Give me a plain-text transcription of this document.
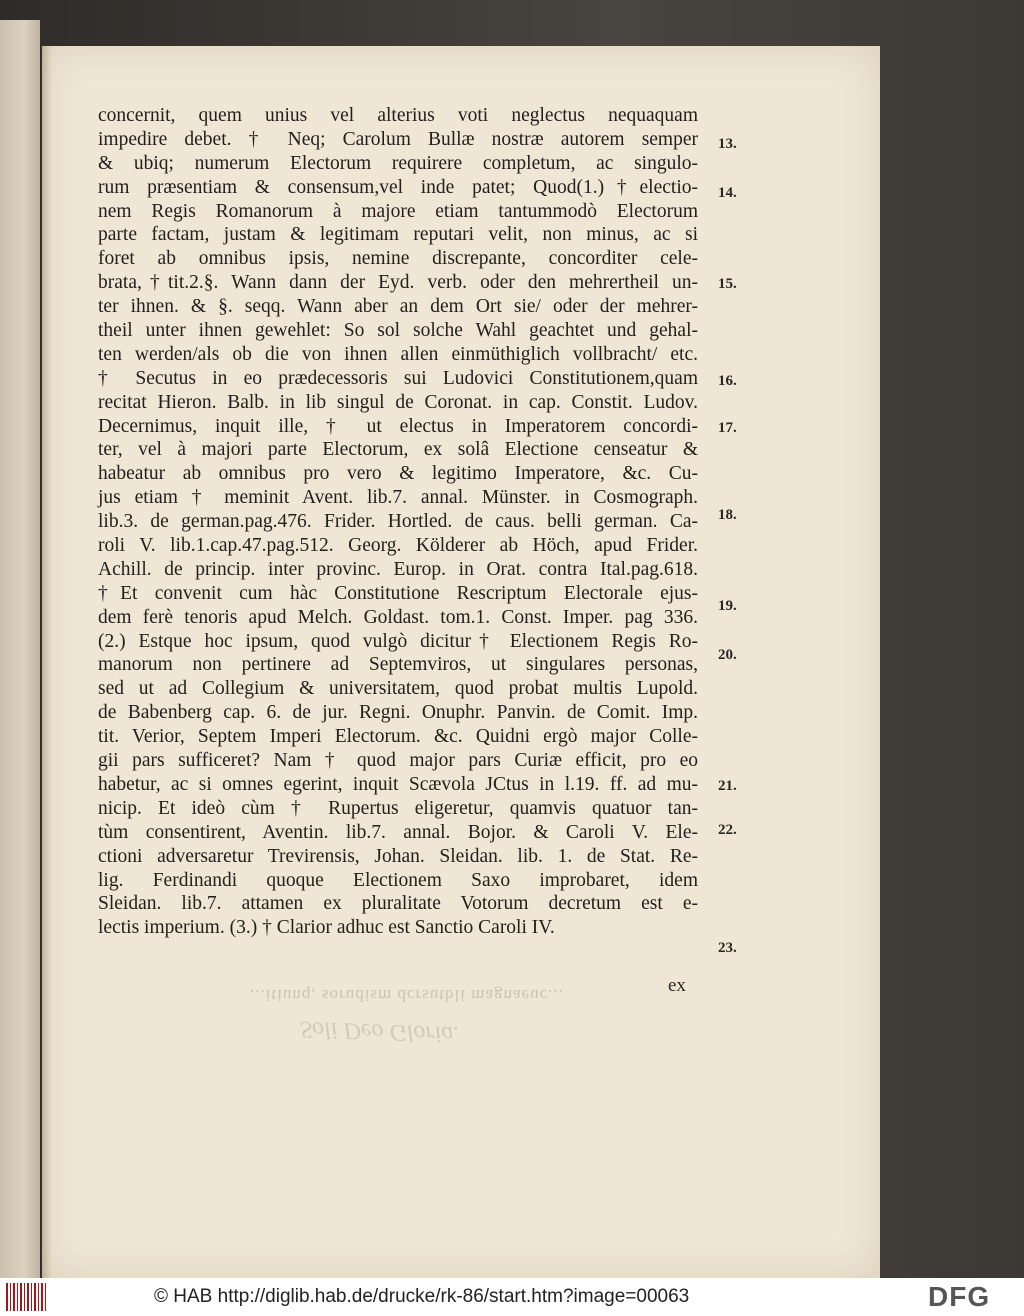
...itiunq, sorudism dcrsutbli magnaeuc...
Soli Deo Gloria.
concernit, quem unius vel alterius voti neglectus nequaquam
impedire debet. † Neq; Carolum Bullæ nostræ autorem semper
& ubiq; numerum Electorum requirere completum, ac singulo-
rum præsentiam & consensum,vel inde patet; Quod(1.)†electio-
nem Regis Romanorum à majore etiam tantummodò Electorum
parte factam, justam & legitimam reputari velit, non minus, ac si
foret ab omnibus ipsis, nemine discrepante, concorditer cele-
brata,†tit.2.§. Wann dann der Eyd. verb. oder den mehrertheil un-
ter ihnen. & §. seqq. Wann aber an dem Ort sie/ oder der mehrer-
theil unter ihnen gewehlet: So sol solche Wahl geachtet und gehal-
ten werden/als ob die von ihnen allen einmüthiglich vollbracht/ etc.
† Secutus in eo prædecessoris sui Ludovici Constitutionem,quam
recitat Hieron. Balb. in lib singul de Coronat. in cap. Constit. Ludov.
Decernimus, inquit ille, † ut electus in Imperatorem concordi-
ter, vel à majori parte Electorum, ex solâ Electione censeatur &
habeatur ab omnibus pro vero & legitimo Imperatore, &c. Cu-
jus etiam † meminit Avent. lib.7. annal. Münster. in Cosmograph.
lib.3. de german.pag.476. Frider. Hortled. de caus. belli german. Ca-
roli V. lib.1.cap.47.pag.512. Georg. Kölderer ab Höch, apud Frider.
Achill. de princip. inter provinc. Europ. in Orat. contra Ital.pag.618.
†Et convenit cum hàc Constitutione Rescriptum Electorale ejus-
dem ferè tenoris apud Melch. Goldast. tom.1. Const. Imper. pag 336.
(2.) Estque hoc ipsum, quod vulgò dicitur† Electionem Regis Ro-
manorum non pertinere ad Septemviros, ut singulares personas,
sed ut ad Collegium & universitatem, quod probat multis Lupold.
de Babenberg cap. 6. de jur. Regni. Onuphr. Panvin. de Comit. Imp.
tit. Verior, Septem Imperi Electorum. &c. Quidni ergò major Colle-
gii pars sufficeret? Nam † quod major pars Curiæ efficit, pro eo
habetur, ac si omnes egerint, inquit Scævola JCtus in l.19. ff. ad mu-
nicip. Et ideò cùm † Rupertus eligeretur, quamvis quatuor tan-
tùm consentirent, Aventin. lib.7. annal. Bojor. & Caroli V. Ele-
ctioni adversaretur Trevirensis, Johan. Sleidan. lib. 1. de Stat. Re-
lig. Ferdinandi quoque Electionem Saxo improbaret, idem
Sleidan. lib.7. attamen ex pluralitate Votorum decretum est e-
lectis imperium. (3.) † Clarior adhuc est Sanctio Caroli IV.
ex
13.
14.
15.
16.
17.
18.
19.
20.
21.
22.
23.
© HAB http://diglib.hab.de/drucke/rk-86/start.htm?image=00063	DFG
